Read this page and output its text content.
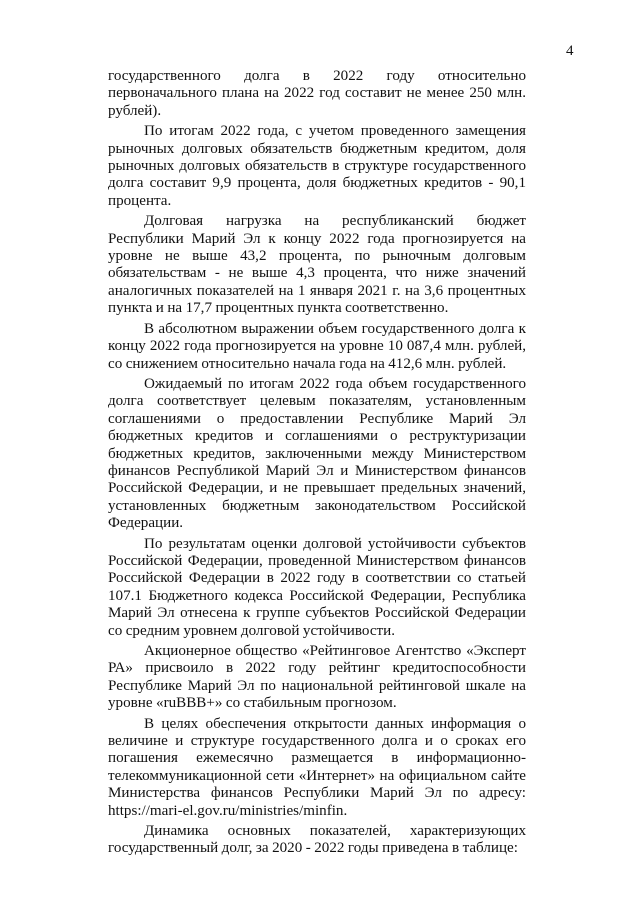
4

государственного долга в 2022 году относительно первоначального плана на 2022 год составит не менее 250 млн. рублей).

По итогам 2022 года, с учетом проведенного замещения рыночных долговых обязательств бюджетным кредитом, доля рыночных долговых обязательств в структуре государственного долга составит 9,9 процента, доля бюджетных кредитов - 90,1 процента.

Долговая нагрузка на республиканский бюджет Республики Марий Эл к концу 2022 года прогнозируется на уровне не выше 43,2 процента, по рыночным долговым обязательствам - не выше 4,3 процента, что ниже значений аналогичных показателей на 1 января 2021 г. на 3,6 процентных пункта и на 17,7 процентных пункта соответственно.

В абсолютном выражении объем государственного долга к концу 2022 года прогнозируется на уровне 10 087,4 млн. рублей, со снижением относительно начала года на 412,6 млн. рублей.

Ожидаемый по итогам 2022 года объем государственного долга соответствует целевым показателям, установленным соглашениями о предоставлении Республике Марий Эл бюджетных кредитов и соглашениями о реструктуризации бюджетных кредитов, заключенными между Министерством финансов Республикой Марий Эл и Министерством финансов Российской Федерации, и не превышает предельных значений, установленных бюджетным законодательством Российской Федерации.

По результатам оценки долговой устойчивости субъектов Российской Федерации, проведенной Министерством финансов Российской Федерации в 2022 году в соответствии со статьей 107.1 Бюджетного кодекса Российской Федерации, Республика Марий Эл отнесена к группе субъектов Российской Федерации со средним уровнем долговой устойчивости.

Акционерное общество «Рейтинговое Агентство «Эксперт РА» присвоило в 2022 году рейтинг кредитоспособности Республике Марий Эл по национальной рейтинговой шкале на уровне «ruBBB+» со стабильным прогнозом.

В целях обеспечения открытости данных информация о величине и структуре государственного долга и о сроках его погашения ежемесячно размещается в информационно-телекоммуникационной сети «Интернет» на официальном сайте Министерства финансов Республики Марий Эл по адресу: https://mari-el.gov.ru/ministries/minfin.

Динамика основных показателей, характеризующих государственный долг, за 2020 - 2022 годы приведена в таблице:
